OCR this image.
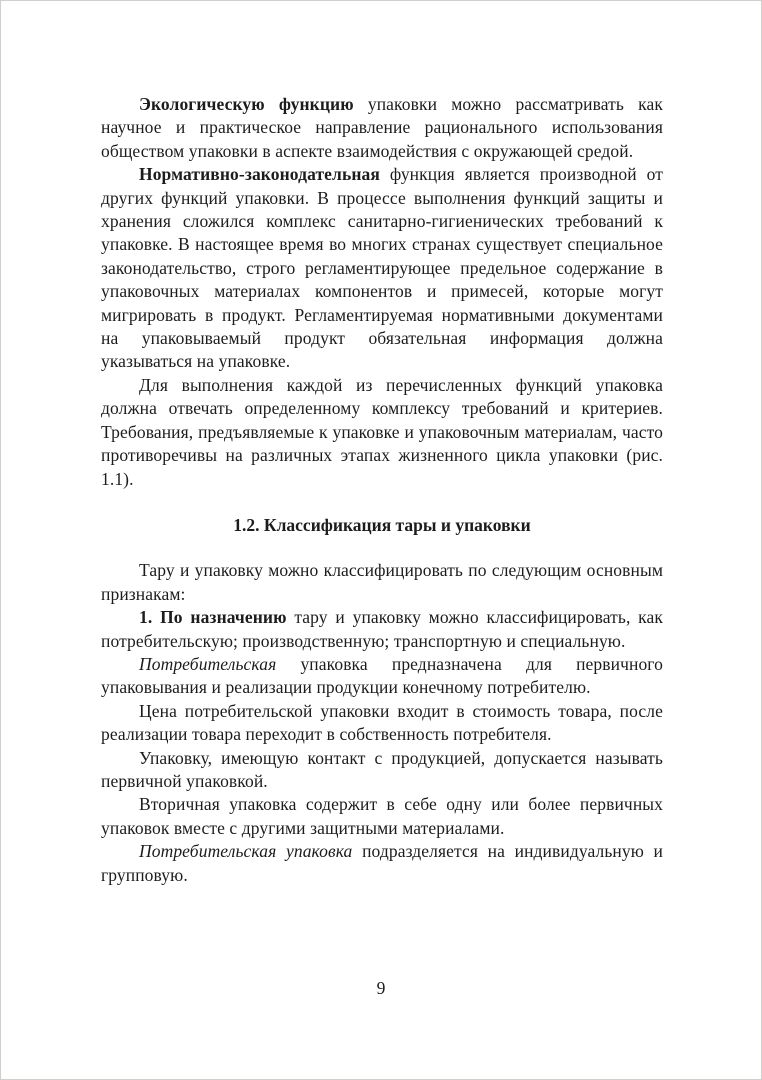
Экологическую функцию упаковки можно рассматривать как научное и практическое направление рационального использования обществом упаковки в аспекте взаимодействия с окружающей средой.

Нормативно-законодательная функция является производной от других функций упаковки. В процессе выполнения функций защиты и хранения сложился комплекс санитарно-гигиенических требований к упаковке. В настоящее время во многих странах существует специальное законодательство, строго регламентирующее предельное содержание в упаковочных материалах компонентов и примесей, которые могут мигрировать в продукт. Регламентируемая нормативными документами на упаковываемый продукт обязательная информация должна указываться на упаковке.

Для выполнения каждой из перечисленных функций упаковка должна отвечать определенному комплексу требований и критериев. Требования, предъявляемые к упаковке и упаковочным материалам, часто противоречивы на различных этапах жизненного цикла упаковки (рис. 1.1).

1.2. Классификация тары и упаковки

Тару и упаковку можно классифицировать по следующим основным признакам:

1. По назначению тару и упаковку можно классифицировать, как потребительскую; производственную; транспортную и специальную.

Потребительская упаковка предназначена для первичного упаковывания и реализации продукции конечному потребителю.

Цена потребительской упаковки входит в стоимость товара, после реализации товара переходит в собственность потребителя.

Упаковку, имеющую контакт с продукцией, допускается называть первичной упаковкой.

Вторичная упаковка содержит в себе одну или более первичных упаковок вместе с другими защитными материалами.

Потребительская упаковка подразделяется на индивидуальную и групповую.

9
